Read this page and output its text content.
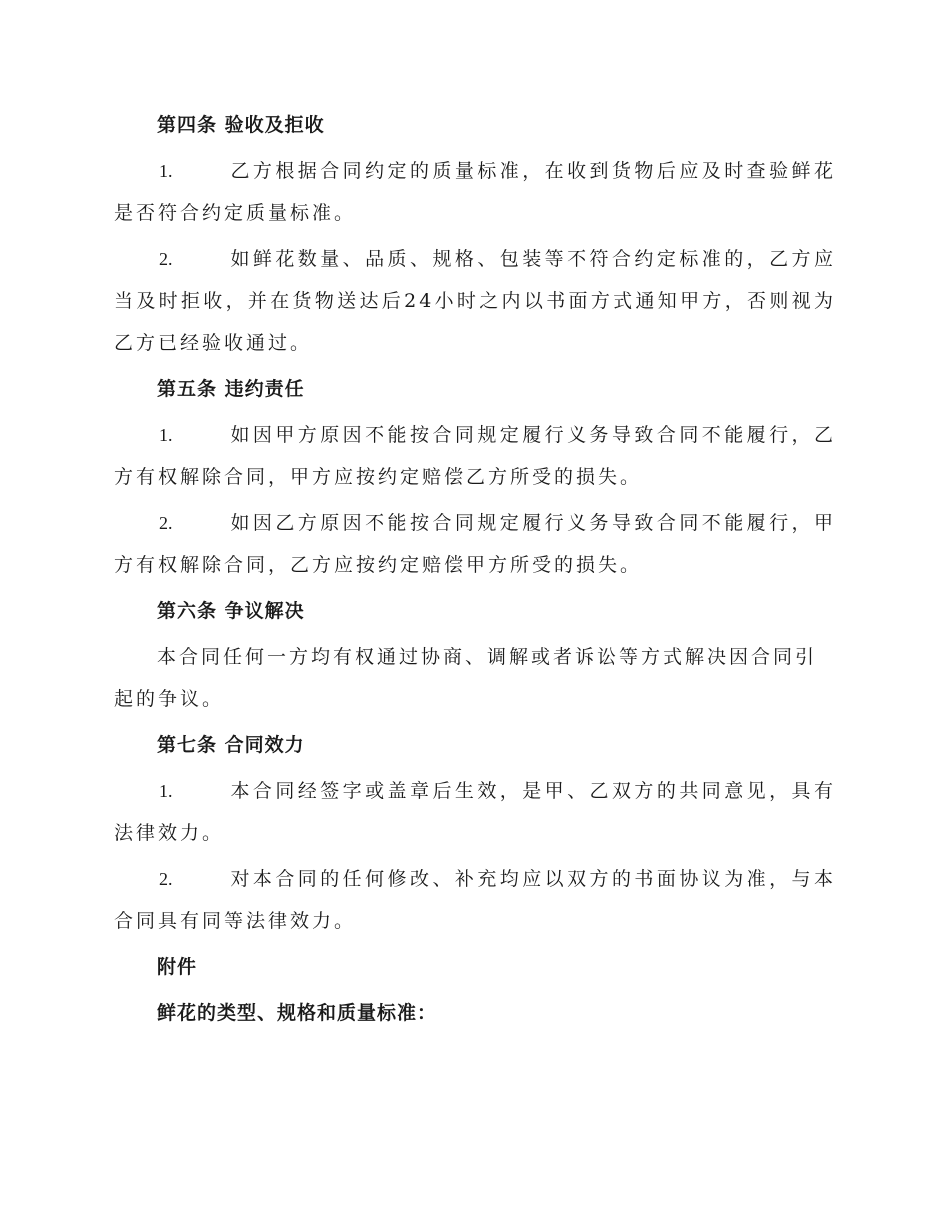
第四条 验收及拒收

1.	乙方根据合同约定的质量标准，在收到货物后应及时查验鲜花是否符合约定质量标准。

2.	如鲜花数量、品质、规格、包装等不符合约定标准的，乙方应当及时拒收，并在货物送达后24小时之内以书面方式通知甲方，否则视为乙方已经验收通过。

第五条 违约责任

1.	如因甲方原因不能按合同规定履行义务导致合同不能履行，乙方有权解除合同，甲方应按约定赔偿乙方所受的损失。

2.	如因乙方原因不能按合同规定履行义务导致合同不能履行，甲方有权解除合同，乙方应按约定赔偿甲方所受的损失。

第六条 争议解决

本合同任何一方均有权通过协商、调解或者诉讼等方式解决因合同引起的争议。

第七条 合同效力

1.	本合同经签字或盖章后生效，是甲、乙双方的共同意见，具有法律效力。

2.	对本合同的任何修改、补充均应以双方的书面协议为准，与本合同具有同等法律效力。

附件

鲜花的类型、规格和质量标准：
